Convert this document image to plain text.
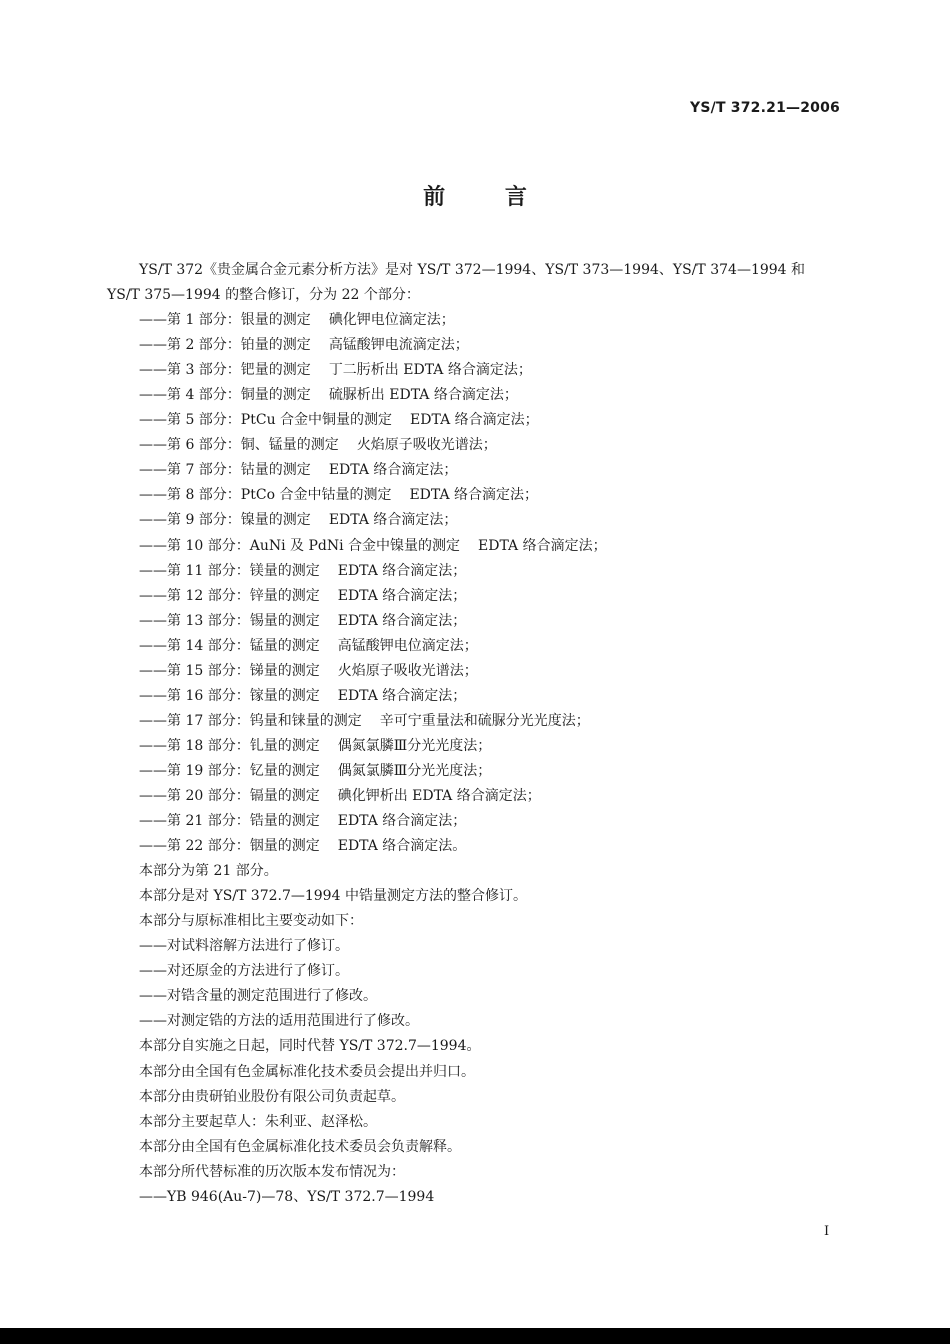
YS/T 372.21—2006
前	言

YS/T 372《贵金属合金元素分析方法》是对 YS/T 372—1994、YS/T 373—1994、YS/T 374—1994 和 YS/T 375—1994 的整合修订，分为 22 个部分：

——第 1 部分：银量的测定 碘化钾电位滴定法；

——第 2 部分：铂量的测定 高锰酸钾电流滴定法；

——第 3 部分：钯量的测定 丁二肟析出 EDTA 络合滴定法；

——第 4 部分：铜量的测定 硫脲析出 EDTA 络合滴定法；

——第 5 部分：PtCu 合金中铜量的测定 EDTA 络合滴定法；

——第 6 部分：铜、锰量的测定 火焰原子吸收光谱法；

——第 7 部分：钴量的测定 EDTA 络合滴定法；

——第 8 部分：PtCo 合金中钴量的测定 EDTA 络合滴定法；

——第 9 部分：镍量的测定 EDTA 络合滴定法；

——第 10 部分：AuNi 及 PdNi 合金中镍量的测定 EDTA 络合滴定法；

——第 11 部分：镁量的测定 EDTA 络合滴定法；

——第 12 部分：锌量的测定 EDTA 络合滴定法；

——第 13 部分：锡量的测定 EDTA 络合滴定法；

——第 14 部分：锰量的测定 高锰酸钾电位滴定法；

——第 15 部分：锑量的测定 火焰原子吸收光谱法；

——第 16 部分：镓量的测定 EDTA 络合滴定法；

——第 17 部分：钨量和铼量的测定 辛可宁重量法和硫脲分光光度法；

——第 18 部分：钆量的测定 偶氮氯膦Ⅲ分光光度法；

——第 19 部分：钇量的测定 偶氮氯膦Ⅲ分光光度法；

——第 20 部分：镉量的测定 碘化钾析出 EDTA 络合滴定法；

——第 21 部分：锆量的测定 EDTA 络合滴定法；

——第 22 部分：铟量的测定 EDTA 络合滴定法。

本部分为第 21 部分。

本部分是对 YS/T 372.7—1994 中锆量测定方法的整合修订。

本部分与原标准相比主要变动如下：

——对试料溶解方法进行了修订。

——对还原金的方法进行了修订。

——对锆含量的测定范围进行了修改。

——对测定锆的方法的适用范围进行了修改。

本部分自实施之日起，同时代替 YS/T 372.7—1994。

本部分由全国有色金属标准化技术委员会提出并归口。

本部分由贵研铂业股份有限公司负责起草。

本部分主要起草人：朱利亚、赵泽松。

本部分由全国有色金属标准化技术委员会负责解释。

本部分所代替标准的历次版本发布情况为：

——YB 946(Au-7)—78、YS/T 372.7—1994

I
